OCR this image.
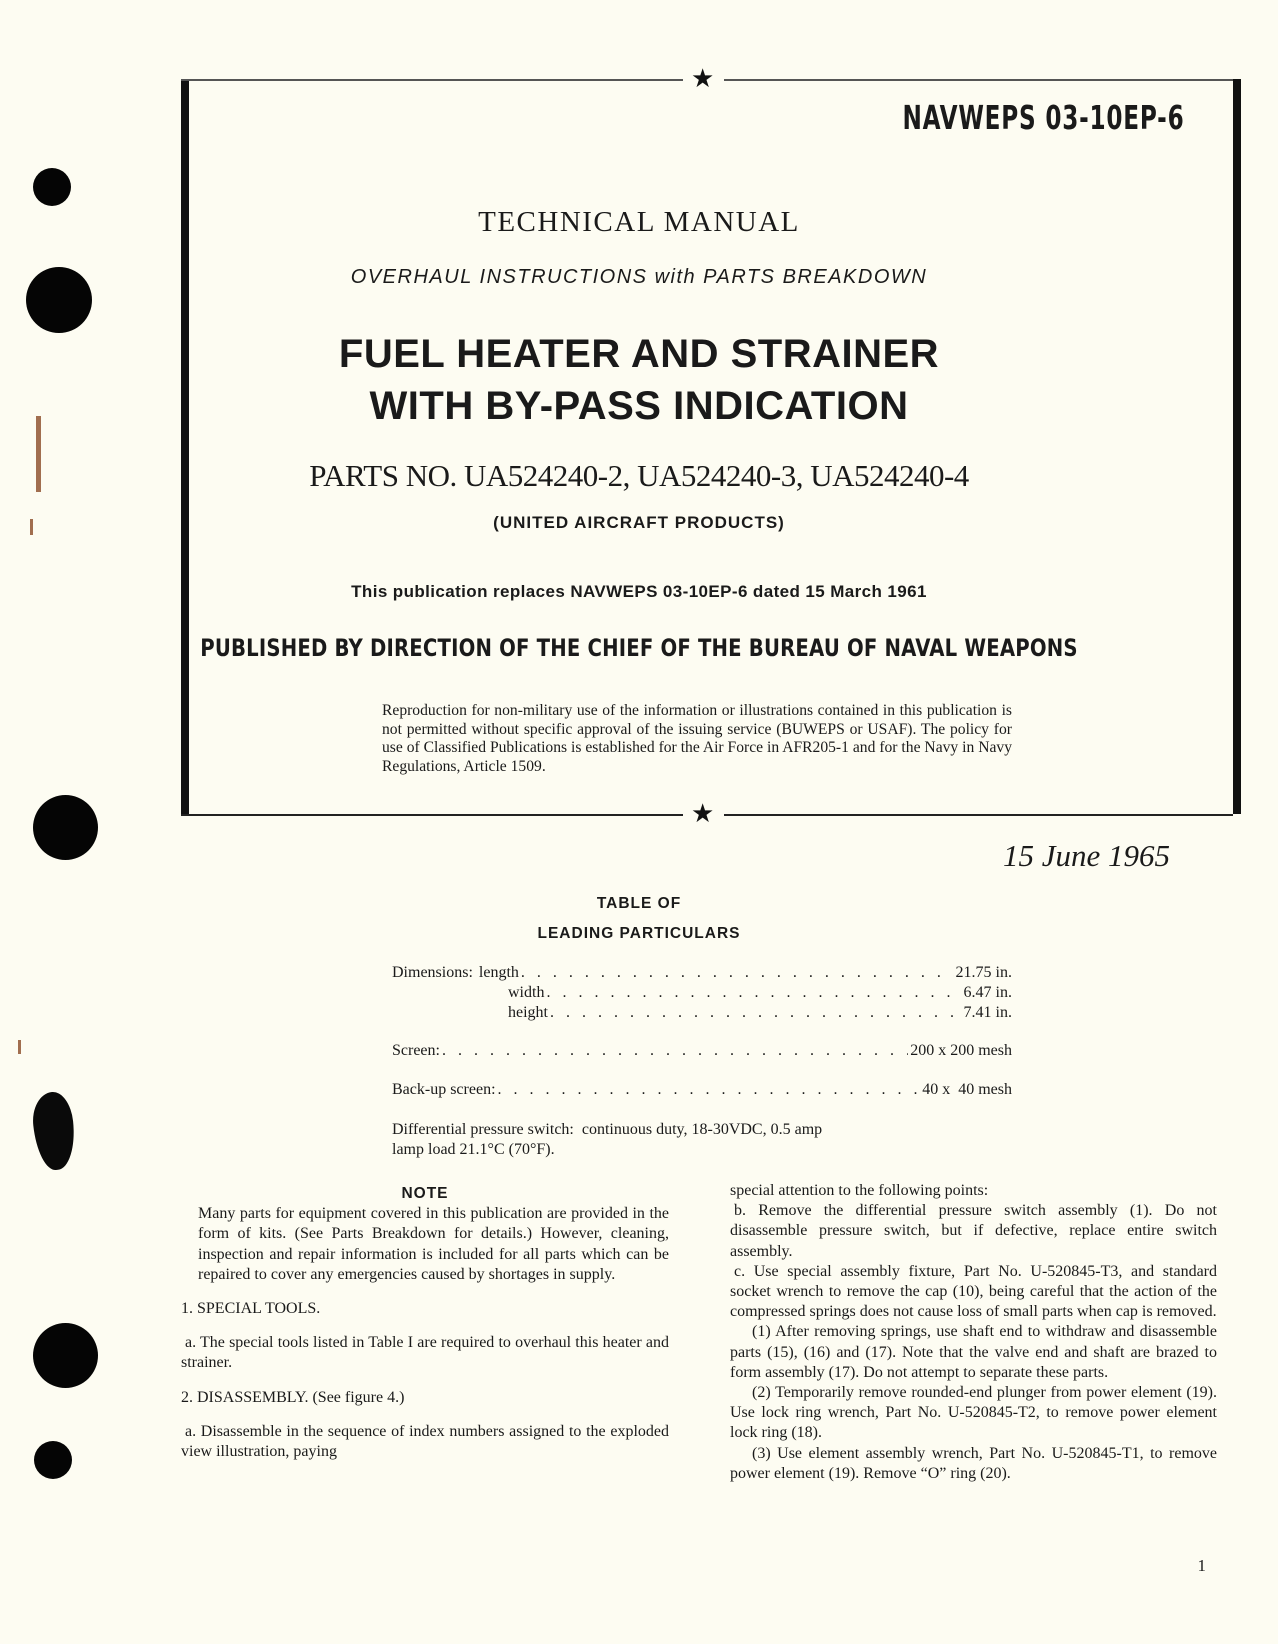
★
★
NAVWEPS 03-10EP-6
TECHNICAL MANUAL
OVERHAUL INSTRUCTIONS with PARTS BREAKDOWN
FUEL HEATER AND STRAINER
WITH BY-PASS INDICATION
PARTS NO. UA524240-2, UA524240-3, UA524240-4
(UNITED AIRCRAFT PRODUCTS)
This publication replaces NAVWEPS 03-10EP-6 dated 15 March 1961
PUBLISHED BY DIRECTION OF THE CHIEF OF THE BUREAU OF NAVAL WEAPONS
Reproduction for non-military use of the information or illustrations contained in this publication is not permitted without specific approval of the issuing service (BUWEPS or USAF). The policy for use of Classified Publications is established for the Air Force in AFR205-1 and for the Navy in Navy Regulations, Article 1509.
15 June 1965
TABLE OF
LEADING PARTICULARS
Dimensions: length . . .	21.75 in.
width . . .	6.47 in.
height . . .	7.41 in.
Screen: . . .	200 x 200 mesh
Back-up screen: . . .	40 x  40 mesh
Differential pressure switch:  continuous duty, 18-30VDC, 0.5 amp
lamp load 21.1°C (70°F).

NOTE

Many parts for equipment covered in this publication are provided in the form of kits. (See Parts Breakdown for details.) However, cleaning, inspection and repair information is included for all parts which can be repaired to cover any emergencies caused by shortages in supply.

1. SPECIAL TOOLS.

a. The special tools listed in Table I are required to overhaul this heater and strainer.

2. DISASSEMBLY. (See figure 4.)

a. Disassemble in the sequence of index numbers assigned to the exploded view illustration, paying

special attention to the following points:

b. Remove the differential pressure switch assembly (1). Do not disassemble pressure switch, but if defective, replace entire switch assembly.

c. Use special assembly fixture, Part No. U-520845-T3, and standard socket wrench to remove the cap (10), being careful that the action of the compressed springs does not cause loss of small parts when cap is removed.

(1) After removing springs, use shaft end to withdraw and disassemble parts (15), (16) and (17). Note that the valve end and shaft are brazed to form assembly (17). Do not attempt to separate these parts.

(2) Temporarily remove rounded-end plunger from power element (19). Use lock ring wrench, Part No. U-520845-T2, to remove power element lock ring (18).

(3) Use element assembly wrench, Part No. U-520845-T1, to remove power element (19). Remove “O” ring (20).

1
